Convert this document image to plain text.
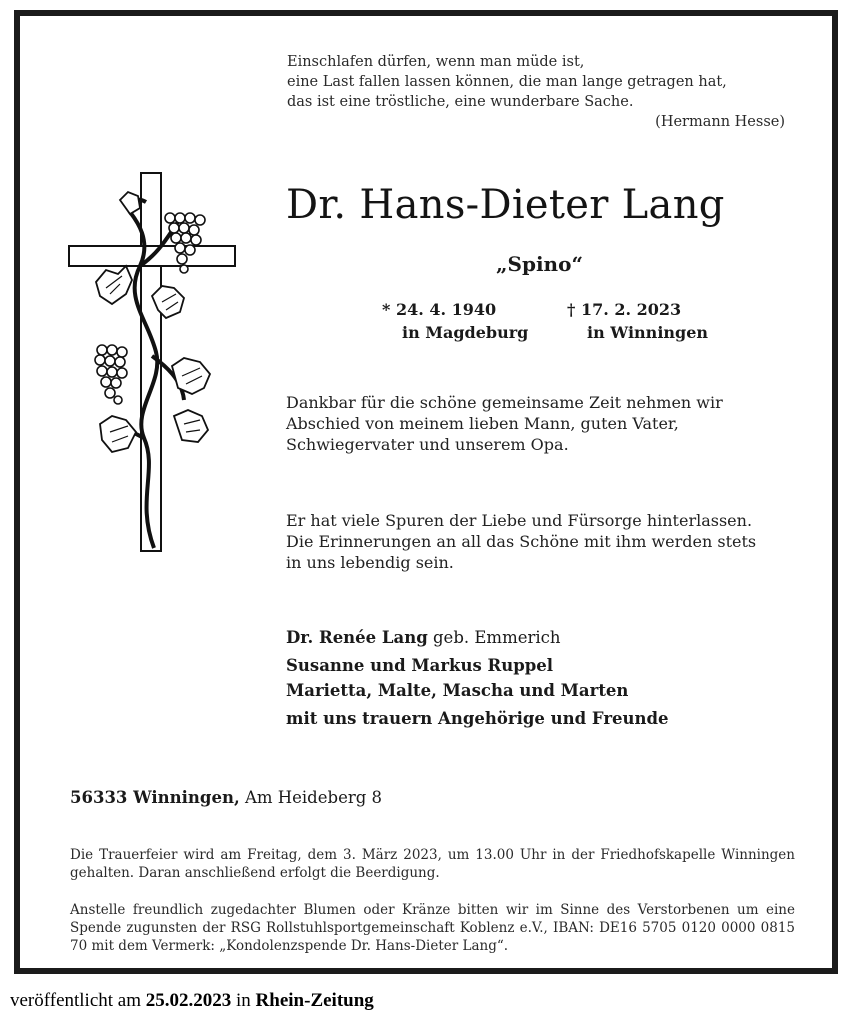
Einschlafen dürfen, wenn man müde ist,
eine Last fallen lassen können, die man lange getragen hat,
das ist eine tröstliche, eine wunderbare Sache.
(Hermann Hesse)
Dr. Hans-Dieter Lang
„Spino“
* 24. 4. 1940
in Magdeburg
† 17. 2. 2023
in Winningen
Dankbar für die schöne gemeinsame Zeit nehmen wir
Abschied von meinem lieben Mann, guten Vater,
Schwiegervater und unserem Opa.
Er hat viele Spuren der Liebe und Fürsorge hinterlassen.
Die Erinnerungen an all das Schöne mit ihm werden stets
in uns lebendig sein.
Dr. Renée Lang geb. Emmerich
Susanne und Markus Ruppel
Marietta, Malte, Mascha und Marten
mit uns trauern Angehörige und Freunde
56333 Winningen, Am Heideberg 8
Die Trauerfeier wird am Freitag, dem 3. März 2023, um 13.00 Uhr in der Friedhofskapelle Winningen gehalten. Daran anschließend erfolgt die Beerdigung.
Anstelle freundlich zugedachter Blumen oder Kränze bitten wir im Sinne des Verstorbenen um eine Spende zugunsten der RSG Rollstuhlsportgemeinschaft Koblenz e.V., IBAN: DE16 5705 0120 0000 0815 70 mit dem Vermerk: „Kondolenzspende Dr. Hans-Dieter Lang“.
veröffentlicht am 25.02.2023 in Rhein-Zeitung
